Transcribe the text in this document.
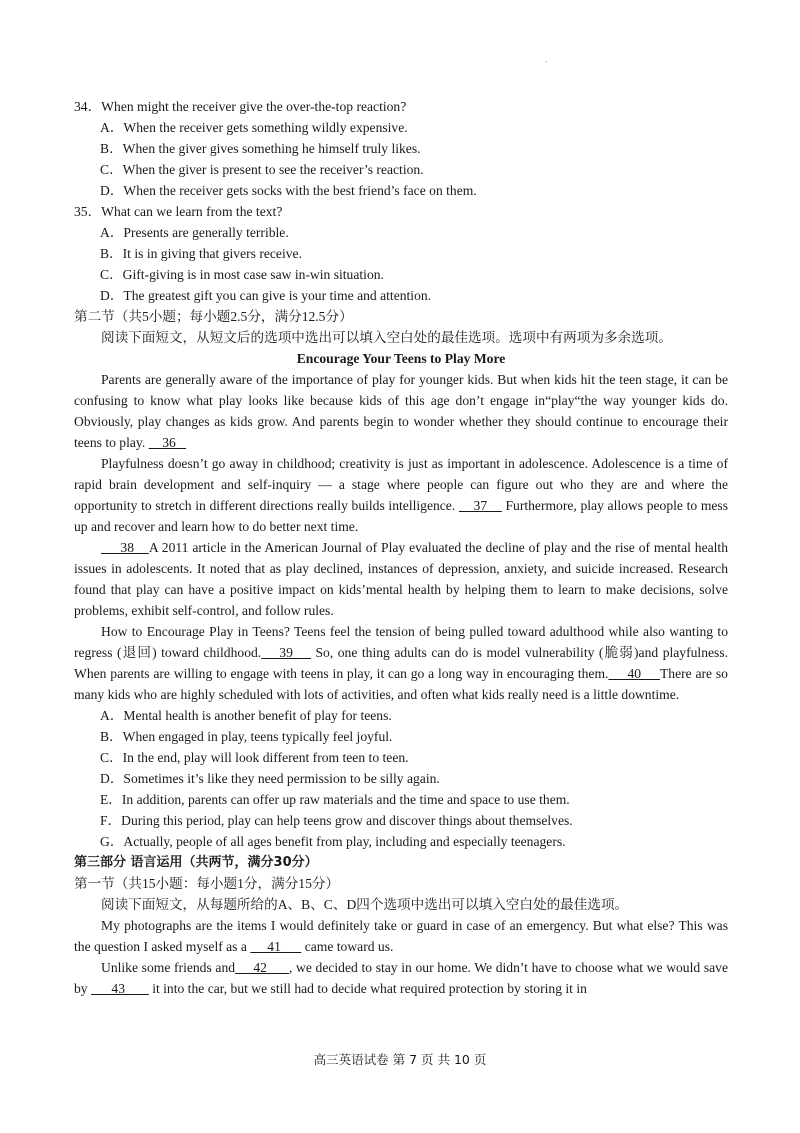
`

34．When might the receiver give the over-the-top reaction?

A．When the receiver gets something wildly expensive.

B．When the giver gives something he himself truly likes.

C．When the giver is present to see the receiver’s reaction.

D．When the receiver gets socks with the best friend’s face on them.

35．What can we learn from the text?

A．Presents are generally terrible.

B．It is in giving that givers receive.

C．Gift-giving is in most case saw in-win situation.

D．The greatest gift you can give is your time and attention.

第二节（共5小题；每小题2.5分，满分12.5分）

阅读下面短文，从短文后的选项中选出可以填入空白处的最佳选项。选项中有两项为多余选项。

Encourage Your Teens to Play More

Parents are generally aware of the importance of play for younger kids. But when kids hit the teen stage, it can be confusing to know what play looks like because kids of this age don’t engage in“play“the way younger kids do. Obviously, play changes as kids grow. And parents begin to wonder whether they should continue to encourage their teens to play.     36

Playfulness doesn’t go away in childhood; creativity is just as important in adolescence. Adolescence is a time of rapid brain development and self-inquiry — a stage where people can figure out who they are and where the opportunity to stretch in different directions really builds intelligence.     37     Furthermore, play allows people to mess up and recover and learn how to do better next time.

38    A 2011 article in the American Journal of Play evaluated the decline of play and the rise of mental health issues in adolescents. It noted that as play declined, instances of depression, anxiety, and suicide increased. Research found that play can have a positive impact on kids’mental health by helping them to learn to make decisions, solve problems, exhibit self-control, and follow rules.

How to Encourage Play in Teens? Teens feel the tension of being pulled toward adulthood while also wanting to regress (退回) toward childhood.    39     So, one thing adults can do is model vulnerability (脆弱)and playfulness. When parents are willing to engage with teens in play, it can go a long way in encouraging them.     40     There are so many kids who are highly scheduled with lots of activities, and often what kids really need is a little downtime.

A．Mental health is another benefit of play for teens.

B．When engaged in play, teens typically feel joyful.

C．In the end, play will look different from teen to teen.

D．Sometimes it’s like they need permission to be silly again.

E．In addition, parents can offer up raw materials and the time and space to use them.

F．During this period, play can help teens grow and discover things about themselves.

G．Actually, people of all ages benefit from play, including and especially teenagers.

第三部分 语言运用（共两节，满分30分）

第一节（共15小题：每小题1分，满分15分）

阅读下面短文，从每题所给的A、B、C、D四个选项中选出可以填入空白处的最佳选项。

My photographs are the items I would definitely take or guard in case of an emergency. But what else? This was the question I asked myself as a      41       came toward us.

Unlike some friends and     42      , we decided to stay in our home. We didn’t have to choose what we would save by       43        it into the car, but we still had to decide what required protection by storing it in

高三英语试卷 第 7 页 共 10 页
